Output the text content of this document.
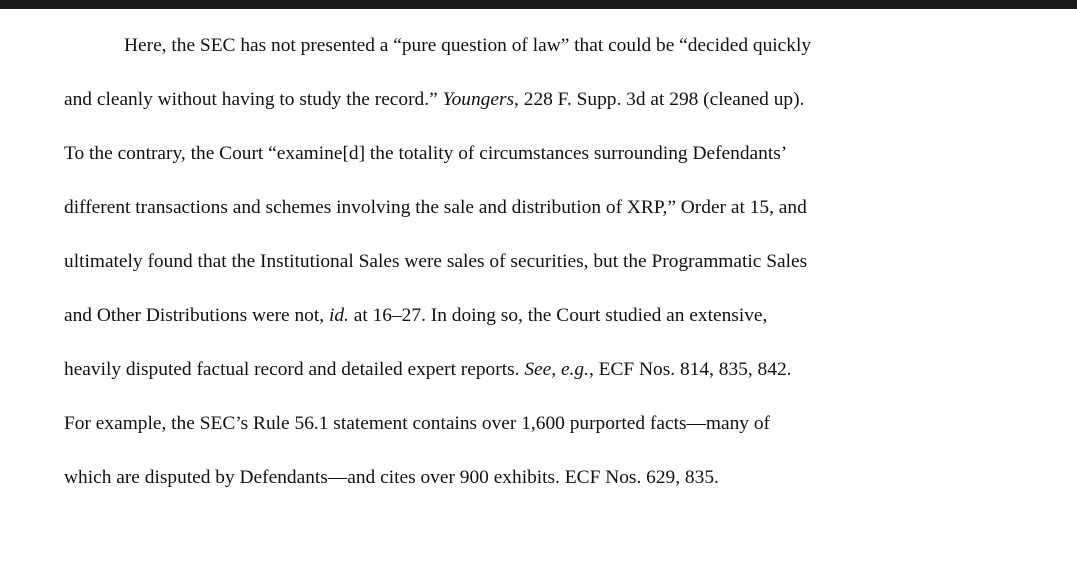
Here, the SEC has not presented a “pure question of law” that could be “decided quickly
and cleanly without having to study the record.” Youngers, 228 F. Supp. 3d at 298 (cleaned up).
To the contrary, the Court “examine[d] the totality of circumstances surrounding Defendants’
different transactions and schemes involving the sale and distribution of XRP,” Order at 15, and
ultimately found that the Institutional Sales were sales of securities, but the Programmatic Sales
and Other Distributions were not, id. at 16–27. In doing so, the Court studied an extensive,
heavily disputed factual record and detailed expert reports. See, e.g., ECF Nos. 814, 835, 842.
For example, the SEC’s Rule 56.1 statement contains over 1,600 purported facts—many of
which are disputed by Defendants—and cites over 900 exhibits. ECF Nos. 629, 835.
